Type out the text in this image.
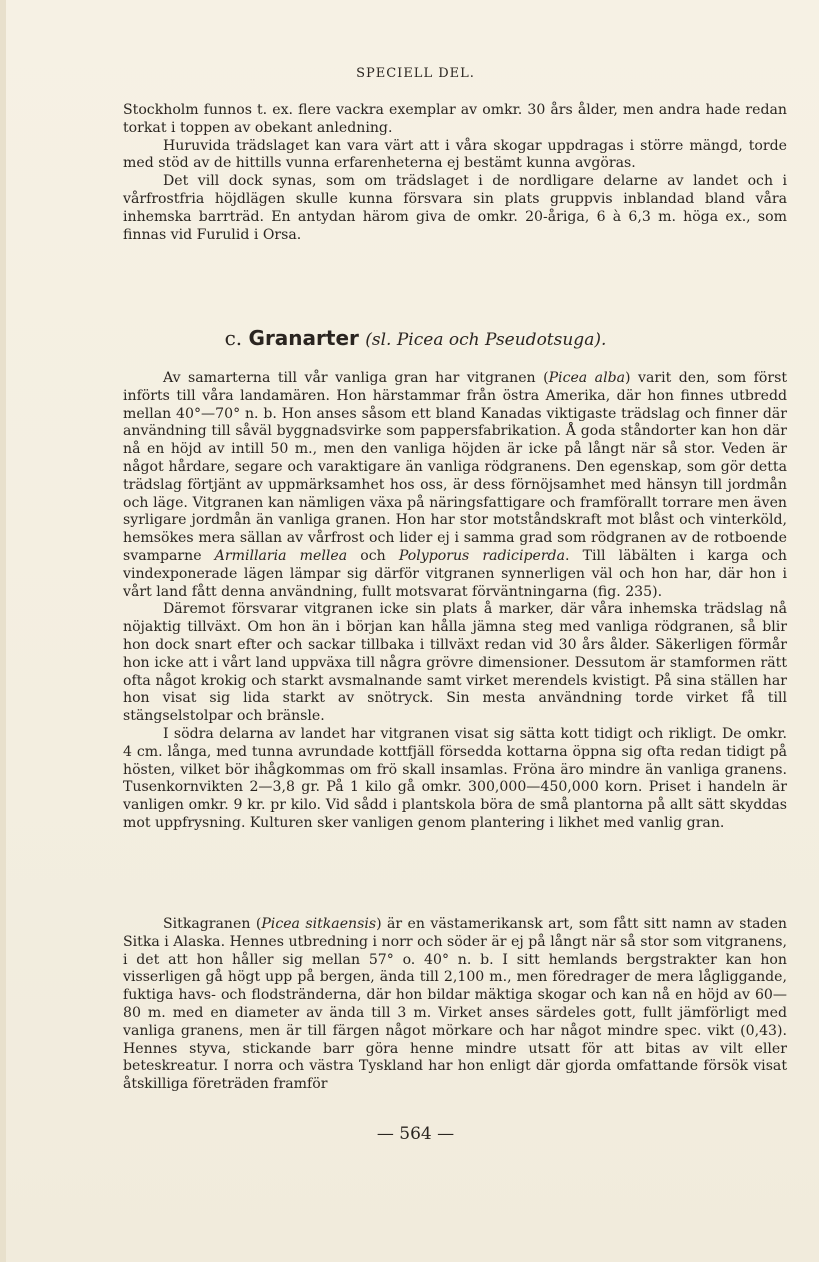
SPECIELL DEL.

Stockholm funnos t. ex. flere vackra exemplar av omkr. 30 års ålder, men andra hade redan torkat i toppen av obekant anledning.

Huruvida trädslaget kan vara värt att i våra skogar uppdragas i större mängd, torde med stöd av de hittills vunna erfarenheterna ej bestämt kunna avgöras.

Det vill dock synas, som om trädslaget i de nordligare delarne av landet och i vårfrostfria höjdlägen skulle kunna försvara sin plats gruppvis inblandad bland våra inhemska barrträd. En antydan härom giva de omkr. 20-åriga, 6 à 6,3 m. höga ex., som finnas vid Furulid i Orsa.

c. Granarter (sl. Picea och Pseudotsuga).

Av samarterna till vår vanliga gran har vitgranen (Picea alba) varit den, som först införts till våra landamären. Hon härstammar från östra Amerika, där hon finnes utbredd mellan 40°—70° n. b. Hon anses såsom ett bland Kanadas viktigaste trädslag och finner där användning till såväl byggnadsvirke som pappersfabrikation. Å goda ståndorter kan hon där nå en höjd av intill 50 m., men den vanliga höjden är icke på långt när så stor. Veden är något hårdare, segare och varaktigare än vanliga rödgranens. Den egenskap, som gör detta trädslag förtjänt av uppmärksamhet hos oss, är dess förnöjsamhet med hänsyn till jordmån och läge. Vitgranen kan nämligen växa på näringsfattigare och framförallt torrare men även syrligare jordmån än vanliga granen. Hon har stor motståndskraft mot blåst och vinterköld, hemsökes mera sällan av vårfrost och lider ej i samma grad som rödgranen av de rotboende svamparne Armillaria mellea och Polyporus radiciperda. Till läbälten i karga och vindexponerade lägen lämpar sig därför vitgranen synnerligen väl och hon har, där hon i vårt land fått denna användning, fullt motsvarat förväntningarna (fig. 235).

Däremot försvarar vitgranen icke sin plats å marker, där våra inhemska trädslag nå nöjaktig tillväxt. Om hon än i början kan hålla jämna steg med vanliga rödgranen, så blir hon dock snart efter och sackar tillbaka i tillväxt redan vid 30 års ålder. Säkerligen förmår hon icke att i vårt land uppväxa till några grövre dimensioner. Dessutom är stamformen rätt ofta något krokig och starkt avsmalnande samt virket merendels kvistigt. På sina ställen har hon visat sig lida starkt av snötryck. Sin mesta användning torde virket få till stängselstolpar och bränsle.

I södra delarna av landet har vitgranen visat sig sätta kott tidigt och rikligt. De omkr. 4 cm. långa, med tunna avrundade kottfjäll försedda kottarna öppna sig ofta redan tidigt på hösten, vilket bör ihågkommas om frö skall insamlas. Fröna äro mindre än vanliga granens. Tusenkornvikten 2—3,8 gr. På 1 kilo gå omkr. 300,000—450,000 korn. Priset i handeln är vanligen omkr. 9 kr. pr kilo. Vid sådd i plantskola böra de små plantorna på allt sätt skyddas mot uppfrysning. Kulturen sker vanligen genom plantering i likhet med vanlig gran.

Sitkagranen (Picea sitkaensis) är en västamerikansk art, som fått sitt namn av staden Sitka i Alaska. Hennes utbredning i norr och söder är ej på långt när så stor som vitgranens, i det att hon håller sig mellan 57° o. 40° n. b. I sitt hemlands bergstrakter kan hon visserligen gå högt upp på bergen, ända till 2,100 m., men föredrager de mera lågliggande, fuktiga havs- och flodstränderna, där hon bildar mäktiga skogar och kan nå en höjd av 60—80 m. med en diameter av ända till 3 m. Virket anses särdeles gott, fullt jämförligt med vanliga granens, men är till färgen något mörkare och har något mindre spec. vikt (0,43). Hennes styva, stickande barr göra henne mindre utsatt för att bitas av vilt eller beteskreatur. I norra och västra Tyskland har hon enligt där gjorda omfattande försök visat åtskilliga företräden framför

— 564 —
